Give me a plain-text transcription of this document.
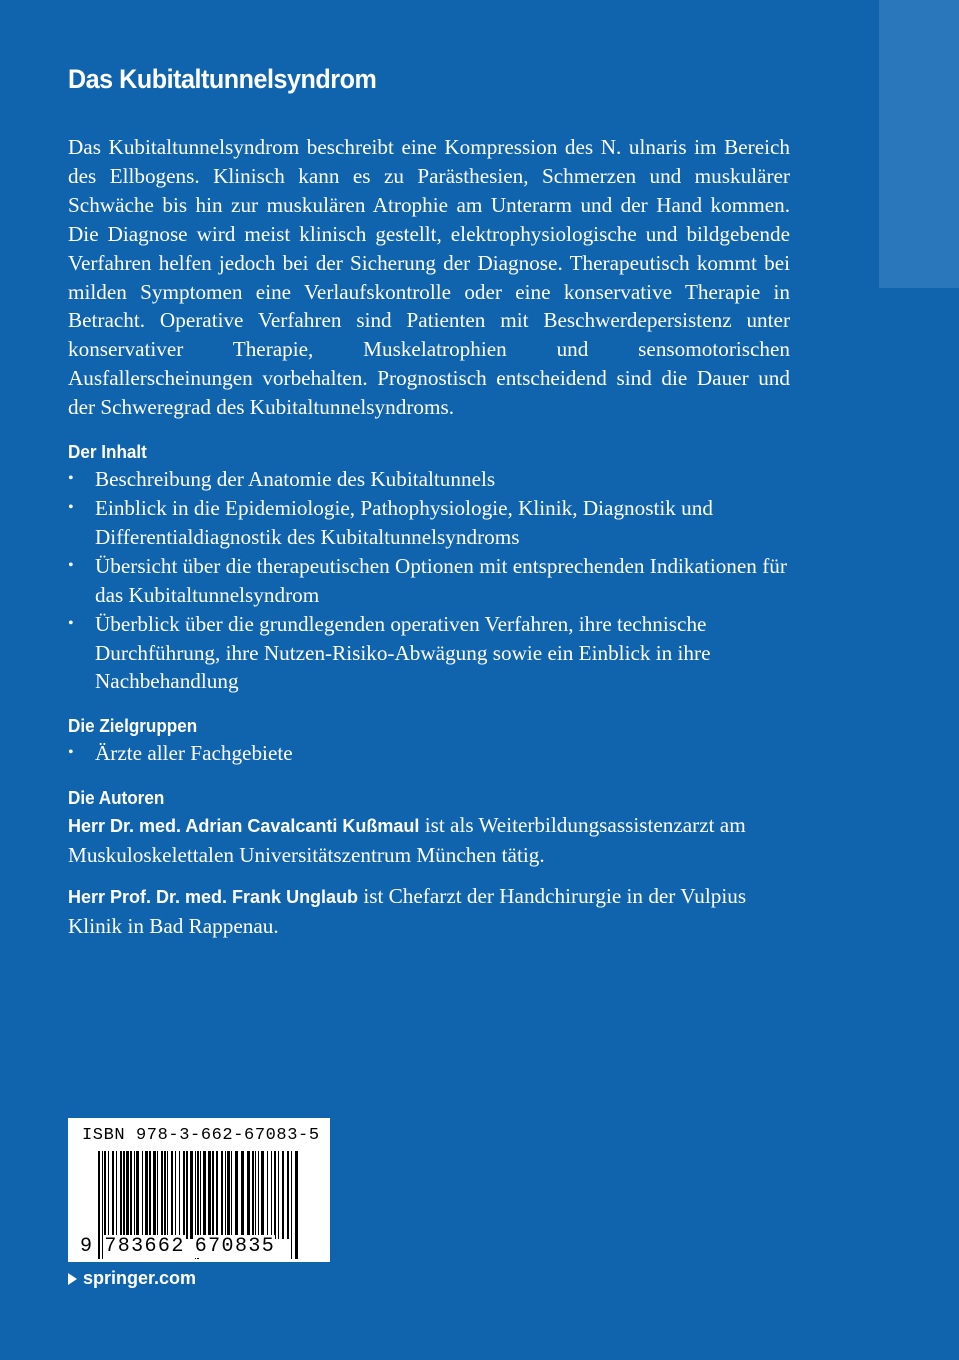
Das Kubitaltunnelsyndrom

Das Kubitaltunnelsyndrom beschreibt eine Kompression des N. ulnaris im Bereich des Ellbogens. Klinisch kann es zu Parästhesien, Schmerzen und muskulärer Schwäche bis hin zur muskulären Atrophie am Unterarm und der Hand kommen. Die Diagnose wird meist klinisch gestellt, elektrophysiologische und bildgebende Verfahren helfen jedoch bei der Sicherung der Diagnose. Therapeutisch kommt bei milden Symptomen eine Verlaufskontrolle oder eine konservative Therapie in Betracht. Operative Verfahren sind Patienten mit Beschwerdepersistenz unter konservativer Therapie, Muskelatrophien und sensomotorischen Ausfallerscheinungen vorbehalten. Prognostisch entscheidend sind die Dauer und der Schweregrad des Kubitaltunnelsyndroms.

Der Inhalt
• Beschreibung der Anatomie des Kubitaltunnels
• Einblick in die Epidemiologie, Pathophysiologie, Klinik, Diagnostik und Differentialdiagnostik des Kubitaltunnelsyndroms
• Übersicht über die therapeutischen Optionen mit entsprechenden Indikationen für das Kubitaltunnelsyndrom
• Überblick über die grundlegenden operativen Verfahren, ihre technische Durchführung, ihre Nutzen-Risiko-Abwägung sowie ein Einblick in ihre Nachbehandlung
Die Zielgruppen
• Ärzte aller Fachgebiete
Die Autoren

Herr Dr. med. Adrian Cavalcanti Kußmaul ist als Weiterbildungsassistenzarzt am Muskuloskelettalen Universitätszentrum München tätig.

Herr Prof. Dr. med. Frank Unglaub ist Chefarzt der Handchirurgie in der Vulpius Klinik in Bad Rappenau.

ISBN 978-3-662-67083-5
9 783662 670835
springer.com
